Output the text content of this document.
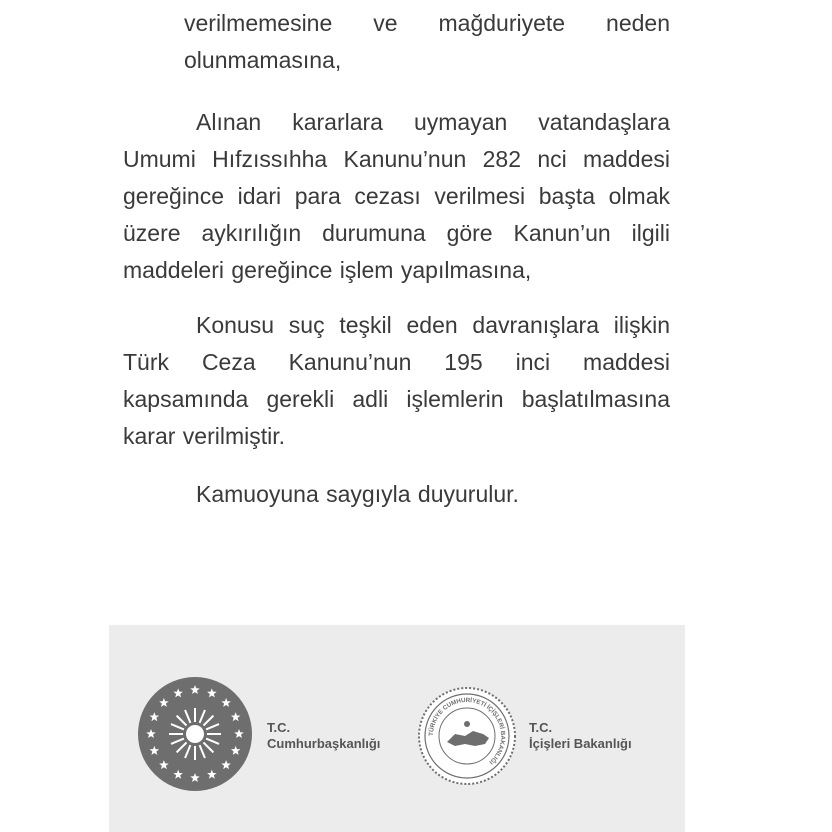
verilmemesine ve mağduriyete neden
olunmamasına,
Alınan kararlara uymayan vatandaşlara Umumi Hıfzıssıhha Kanunu’nun 282 nci maddesi gereğince idari para cezası verilmesi başta olmak üzere aykırılığın durumuna göre Kanun’un ilgili maddeleri gereğince işlem yapılmasına,
Konusu suç teşkil eden davranışlara ilişkin Türk Ceza Kanunu’nun 195 inci maddesi kapsamında gerekli adli işlemlerin başlatılmasına karar verilmiştir.
Kamuoyuna saygıyla duyurulur.
T.C.
Cumhurbaşkanlığı
TÜRKİYE CUMHURİYETİ İÇİŞLERİ BAKANLIĞI
T.C.
İçişleri Bakanlığı
